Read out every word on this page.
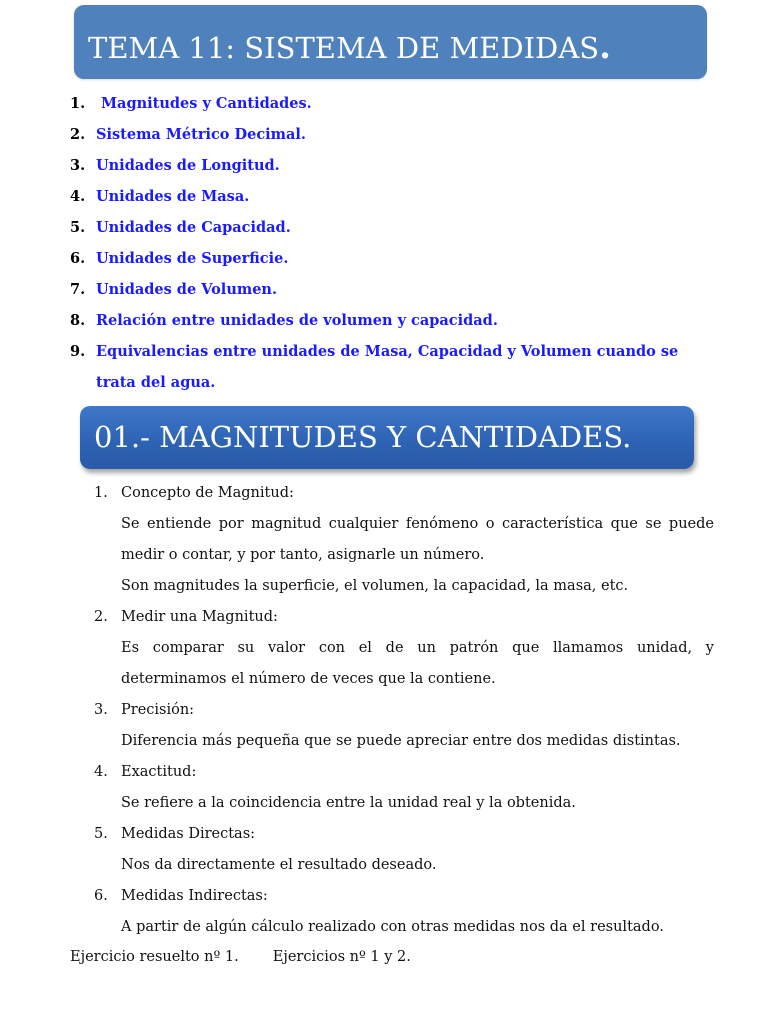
TEMA 11: SISTEMA DE MEDIDAS.
1. Magnitudes y Cantidades.
2. Sistema Métrico Decimal.
3. Unidades de Longitud.
4. Unidades de Masa.
5. Unidades de Capacidad.
6. Unidades de Superficie.
7. Unidades de Volumen.
8. Relación entre unidades de volumen y capacidad.
9. Equivalencias entre unidades de Masa, Capacidad y Volumen cuando se trata del agua.
01.- MAGNITUDES Y CANTIDADES.
1. Concepto de Magnitud:
Se entiende por magnitud cualquier fenómeno o característica que se puede medir o contar, y por tanto, asignarle un número.
Son magnitudes la superficie, el volumen, la capacidad, la masa, etc.
2. Medir una Magnitud:
Es comparar su valor con el de un patrón que llamamos unidad, y determinamos el número de veces que la contiene.
3. Precisión:
Diferencia más pequeña que se puede apreciar entre dos medidas distintas.
4. Exactitud:
Se refiere a la coincidencia entre la unidad real y la obtenida.
5. Medidas Directas:
Nos da directamente el resultado deseado.
6. Medidas Indirectas:
A partir de algún cálculo realizado con otras medidas nos da el resultado.
Ejercicio resuelto nº 1. Ejercicios nº 1 y 2.
